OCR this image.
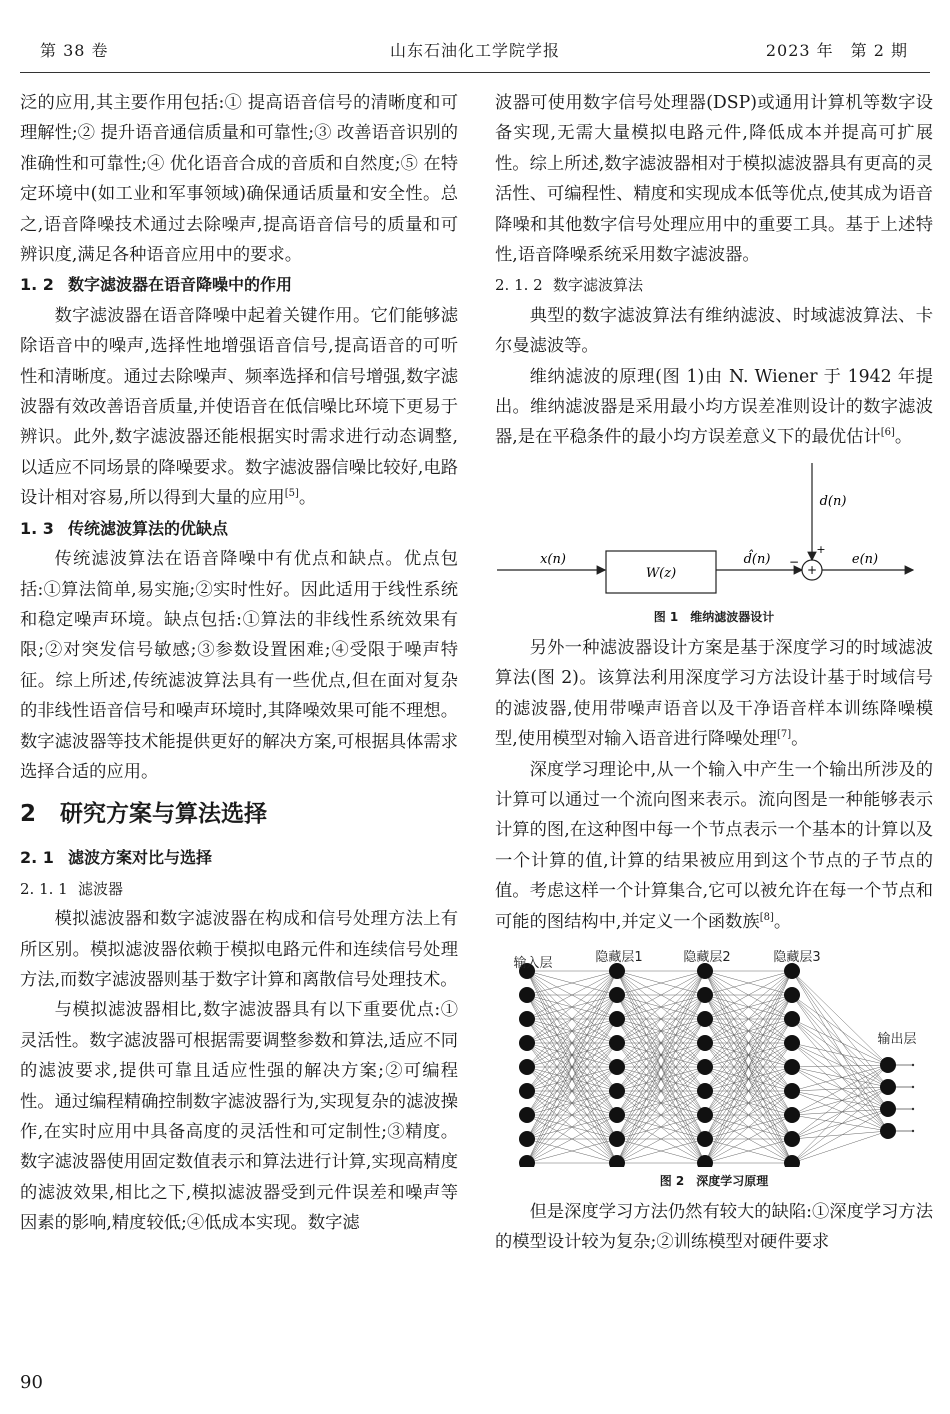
第 38 卷	山东石油化工学院学报	2023 年　第 2 期

泛的应用,其主要作用包括:① 提高语音信号的清晰度和可理解性;② 提升语音通信质量和可靠性;③ 改善语音识别的准确性和可靠性;④ 优化语音合成的音质和自然度;⑤ 在特定环境中(如工业和军事领域)确保通话质量和安全性。总之,语音降噪技术通过去除噪声,提高语音信号的质量和可辨识度,满足各种语音应用中的要求。

1. 2 数字滤波器在语音降噪中的作用

数字滤波器在语音降噪中起着关键作用。它们能够滤除语音中的噪声,选择性地增强语音信号,提高语音的可听性和清晰度。通过去除噪声、频率选择和信号增强,数字滤波器有效改善语音质量,并使语音在低信噪比环境下更易于辨识。此外,数字滤波器还能根据实时需求进行动态调整,以适应不同场景的降噪要求。数字滤波器信噪比较好,电路设计相对容易,所以得到大量的应用[5]。

1. 3 传统滤波算法的优缺点

传统滤波算法在语音降噪中有优点和缺点。优点包括:①算法简单,易实施;②实时性好。因此适用于线性系统和稳定噪声环境。缺点包括:①算法的非线性系统效果有限;②对突发信号敏感;③参数设置困难;④受限于噪声特征。综上所述,传统滤波算法具有一些优点,但在面对复杂的非线性语音信号和噪声环境时,其降噪效果可能不理想。数字滤波器等技术能提供更好的解决方案,可根据具体需求选择合适的应用。

2 研究方案与算法选择
2. 1 滤波方案对比与选择
2. 1. 1 滤波器

模拟滤波器和数字滤波器在构成和信号处理方法上有所区别。模拟滤波器依赖于模拟电路元件和连续信号处理方法,而数字滤波器则基于数字计算和离散信号处理技术。

与模拟滤波器相比,数字滤波器具有以下重要优点:①灵活性。数字滤波器可根据需要调整参数和算法,适应不同的滤波要求,提供可靠且适应性强的解决方案;②可编程性。通过编程精确控制数字滤波器行为,实现复杂的滤波操作,在实时应用中具备高度的灵活性和可定制性;③精度。数字滤波器使用固定数值表示和算法进行计算,实现高精度的滤波效果,相比之下,模拟滤波器受到元件误差和噪声等因素的影响,精度较低;④低成本实现。数字滤

波器可使用数字信号处理器(DSP)或通用计算机等数字设备实现,无需大量模拟电路元件,降低成本并提高可扩展性。综上所述,数字滤波器相对于模拟滤波器具有更高的灵活性、可编程性、精度和实现成本低等优点,使其成为语音降噪和其他数字信号处理应用中的重要工具。基于上述特性,语音降噪系统采用数字滤波器。

2. 1. 2 数字滤波算法

典型的数字滤波算法有维纳滤波、时域滤波算法、卡尔曼滤波等。

维纳滤波的原理(图 1)由 N. Wiener 于 1942 年提出。维纳滤波器是采用最小均方误差准则设计的数字滤波器,是在平稳条件的最小均方误差意义下的最优估计[6]。

x(n)
W(z)
d̂(n) −
d(n)
+
+
e(n)
图 1 维纳滤波器设计

另外一种滤波器设计方案是基于深度学习的时域滤波算法(图 2)。该算法利用深度学习方法设计基于时域信号的滤波器,使用带噪声语音以及干净语音样本训练降噪模型,使用模型对输入语音进行降噪处理[7]。

深度学习理论中,从一个输入中产生一个输出所涉及的计算可以通过一个流向图来表示。流向图是一种能够表示计算的图,在这种图中每一个节点表示一个基本的计算以及一个计算的值,计算的结果被应用到这个节点的子节点的值。考虑这样一个计算集合,它可以被允许在每一个节点和可能的图结构中,并定义一个函数族[8]。

输入层	隐藏层1	隐藏层2	隐藏层3
输出层
图 2 深度学习原理

但是深度学习方法仍然有较大的缺陷:①深度学习方法的模型设计较为复杂;②训练模型对硬件要求

90
